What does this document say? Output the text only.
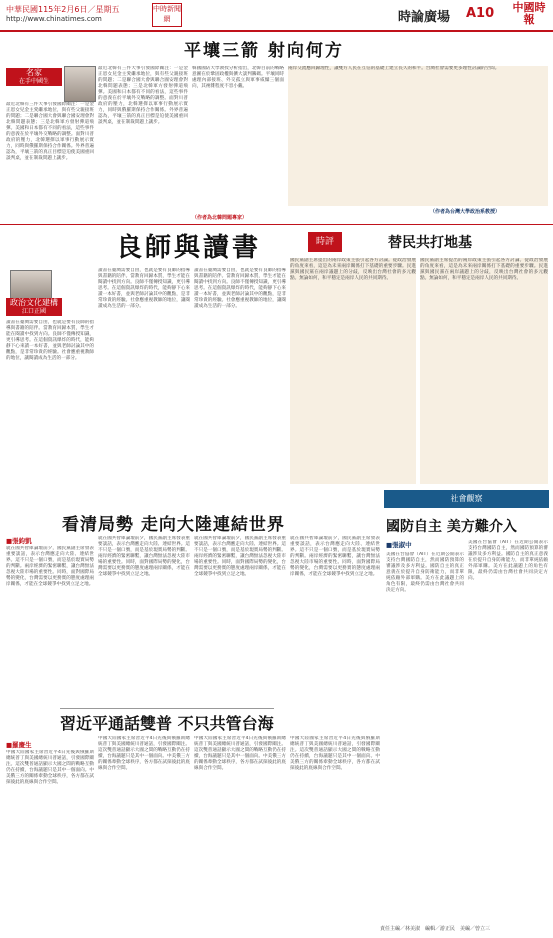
中華民國115年2月6日／星期五
http://www.chinatimes.com
中時新聞網	時論廣場 A10 中國時報
平壤三箭 射向何方
名家
在手中國生
最近北韓有三件大事引發國際關注：一是金正恩女兒金主愛繼承地位，與有些父親接班的問題；二是聯合國大會與聯合國安理會對北韓問題表態；三是北韓軍方發射彈道飛彈。美國和日本都有不同的看法，這些事件的意義在於平壤外交戰略的調整。面對川普政府的壓力，北韓選擇以軍事行動展示實力，同時與俄羅斯保持合作關係。外界普遍認為，平壤三箭的真正目標是迫使美國重回談判桌，並在制裁問題上讓步。
最近北韓有三件大事引發國際關注：一是金正恩女兒金主愛繼承地位，與有些父親接班的問題；二是聯合國大會與聯合國安理會對北韓問題表態；三是北韓軍方發射彈道飛彈。美國和日本都有不同的看法，這些事件的意義在於平壤外交戰略的調整。面對川普政府的壓力，北韓選擇以軍事行動展示實力，同時與俄羅斯保持合作關係。外界普遍認為，平壤三箭的真正目標是迫使美國重回談判桌，並在制裁問題上讓步。
韓國國防大學教授分析指出，北韓目前的戰略意圖在於鞏固政權與擴大談判籌碼。平壤同時處理內部接班、外交孤立與軍事威懾三個面向，其複雜程度不容小覷。
（作者為北韓問題專家）
兩岸交流應回歸理性，讓雙方人民在互信的基礎上建立長久的和平。台灣社會需要更多理性討論的空間。
（作者為台灣大學政治系教授）
良師與讀書
政治文化建構
江口正國
讀書在臺灣需要自由，也就是要有良師的指導與書籍的陪伴。當教育回歸本質，學生才能在閱讀中找到方向。良師不僅傳授知識，更引導思考。在這個資訊爆炸的時代，能夠靜下心來讀一本好書，並與老師討論其中的觀點，是非常珍貴的經驗。社會應重視教師的地位，讓閱讀成為生活的一部分。
讀書在臺灣需要自由，也就是要有良師的指導與書籍的陪伴。當教育回歸本質，學生才能在閱讀中找到方向。良師不僅傳授知識，更引導思考。在這個資訊爆炸的時代，能夠靜下心來讀一本好書，並與老師討論其中的觀點，是非常珍貴的經驗。社會應重視教師的地位，讓閱讀成為生活的一部分。
讀書在臺灣需要自由，也就是要有良師的指導與書籍的陪伴。當教育回歸本質，學生才能在閱讀中找到方向。良師不僅傳授知識，更引導思考。在這個資訊爆炸的時代，能夠靜下心來讀一本好書，並與老師討論其中的觀點，是非常珍貴的經驗。社會應重視教師的地位，讓閱讀成為生活的一部分。
時評	替民共打地基
國民黨副主席提出的兩岸政策主張引起各方討論。從政治發展的角度來看，這是為未來兩岸關係打下基礎的重要步驟。民進黨與國民黨在兩岸議題上的分歧，反映出台灣社會的多元觀點。無論如何，和平穩定是兩岸人民的共同期待。
國民黨副主席提出的兩岸政策主張引起各方討論。從政治發展的角度來看，這是為未來兩岸關係打下基礎的重要步驟。民進黨與國民黨在兩岸議題上的分歧，反映出台灣社會的多元觀點。無論如何，和平穩定是兩岸人民的共同期待。
看清局勢 走向大陸連結世界
■張鈞凱
就在國共智庫論壇前夕，國民黨副主席發表重要談話，表示台灣應走向大陸、連結世界。這不只是一個口號，而是基於現實局勢的判斷。兩岸經濟的緊密聯繫，讓台灣無法忽視大陸市場的重要性。同時，面對國際局勢的變化，台灣需要以更務實的態度處理兩岸關係，才能在全球競爭中找到立足之地。
就在國共智庫論壇前夕，國民黨副主席發表重要談話，表示台灣應走向大陸、連結世界。這不只是一個口號，而是基於現實局勢的判斷。兩岸經濟的緊密聯繫，讓台灣無法忽視大陸市場的重要性。同時，面對國際局勢的變化，台灣需要以更務實的態度處理兩岸關係，才能在全球競爭中找到立足之地。
就在國共智庫論壇前夕，國民黨副主席發表重要談話，表示台灣應走向大陸、連結世界。這不只是一個口號，而是基於現實局勢的判斷。兩岸經濟的緊密聯繫，讓台灣無法忽視大陸市場的重要性。同時，面對國際局勢的變化，台灣需要以更務實的態度處理兩岸關係，才能在全球競爭中找到立足之地。
就在國共智庫論壇前夕，國民黨副主席發表重要談話，表示台灣應走向大陸、連結世界。這不只是一個口號，而是基於現實局勢的判斷。兩岸經濟的緊密聯繫，讓台灣無法忽視大陸市場的重要性。同時，面對國際局勢的變化，台灣需要以更務實的態度處理兩岸關係，才能在全球競爭中找到立足之地。
社會觀察
國防自主 美方難介入
■張淑中
美國在台協會（AIT）在近期公開表示支持台灣國防自主，然而國防預算的審議涉及多方利益。國防自主的真正意義在於提升自身防衛能力，而非單純依賴外部軍購。美方在此議題上的角色有限，最終仍需由台灣社會共同決定方向。
美國在台協會（AIT）在近期公開表示支持台灣國防自主，然而國防預算的審議涉及多方利益。國防自主的真正意義在於提升自身防衛能力，而非單純依賴外部軍購。美方在此議題上的角色有限，最終仍需由台灣社會共同決定方向。
習近平通話雙普 不只共管台海
■羅慶生
中國大陸國家主席習近平4日先後與俄羅斯總統普丁與美國總統川普通話，引發國際關注。這次雙普通話顯示大國之間的戰略互動仍在持續，台海議題只是其中一個面向。中美俄三方的關係牽動全球秩序，各方都在試探彼此的底線與合作空間。
中國大陸國家主席習近平4日先後與俄羅斯總統普丁與美國總統川普通話，引發國際關注。這次雙普通話顯示大國之間的戰略互動仍在持續，台海議題只是其中一個面向。中美俄三方的關係牽動全球秩序，各方都在試探彼此的底線與合作空間。
中國大陸國家主席習近平4日先後與俄羅斯總統普丁與美國總統川普通話，引發國際關注。這次雙普通話顯示大國之間的戰略互動仍在持續，台海議題只是其中一個面向。中美俄三方的關係牽動全球秩序，各方都在試探彼此的底線與合作空間。
中國大陸國家主席習近平4日先後與俄羅斯總統普丁與美國總統川普通話，引發國際關注。這次雙普通話顯示大國之間的戰略互動仍在持續，台海議題只是其中一個面向。中美俄三方的關係牽動全球秩序，各方都在試探彼此的底線與合作空間。
責任主編／林美淑　編輯／游正民　美編／曾立三
